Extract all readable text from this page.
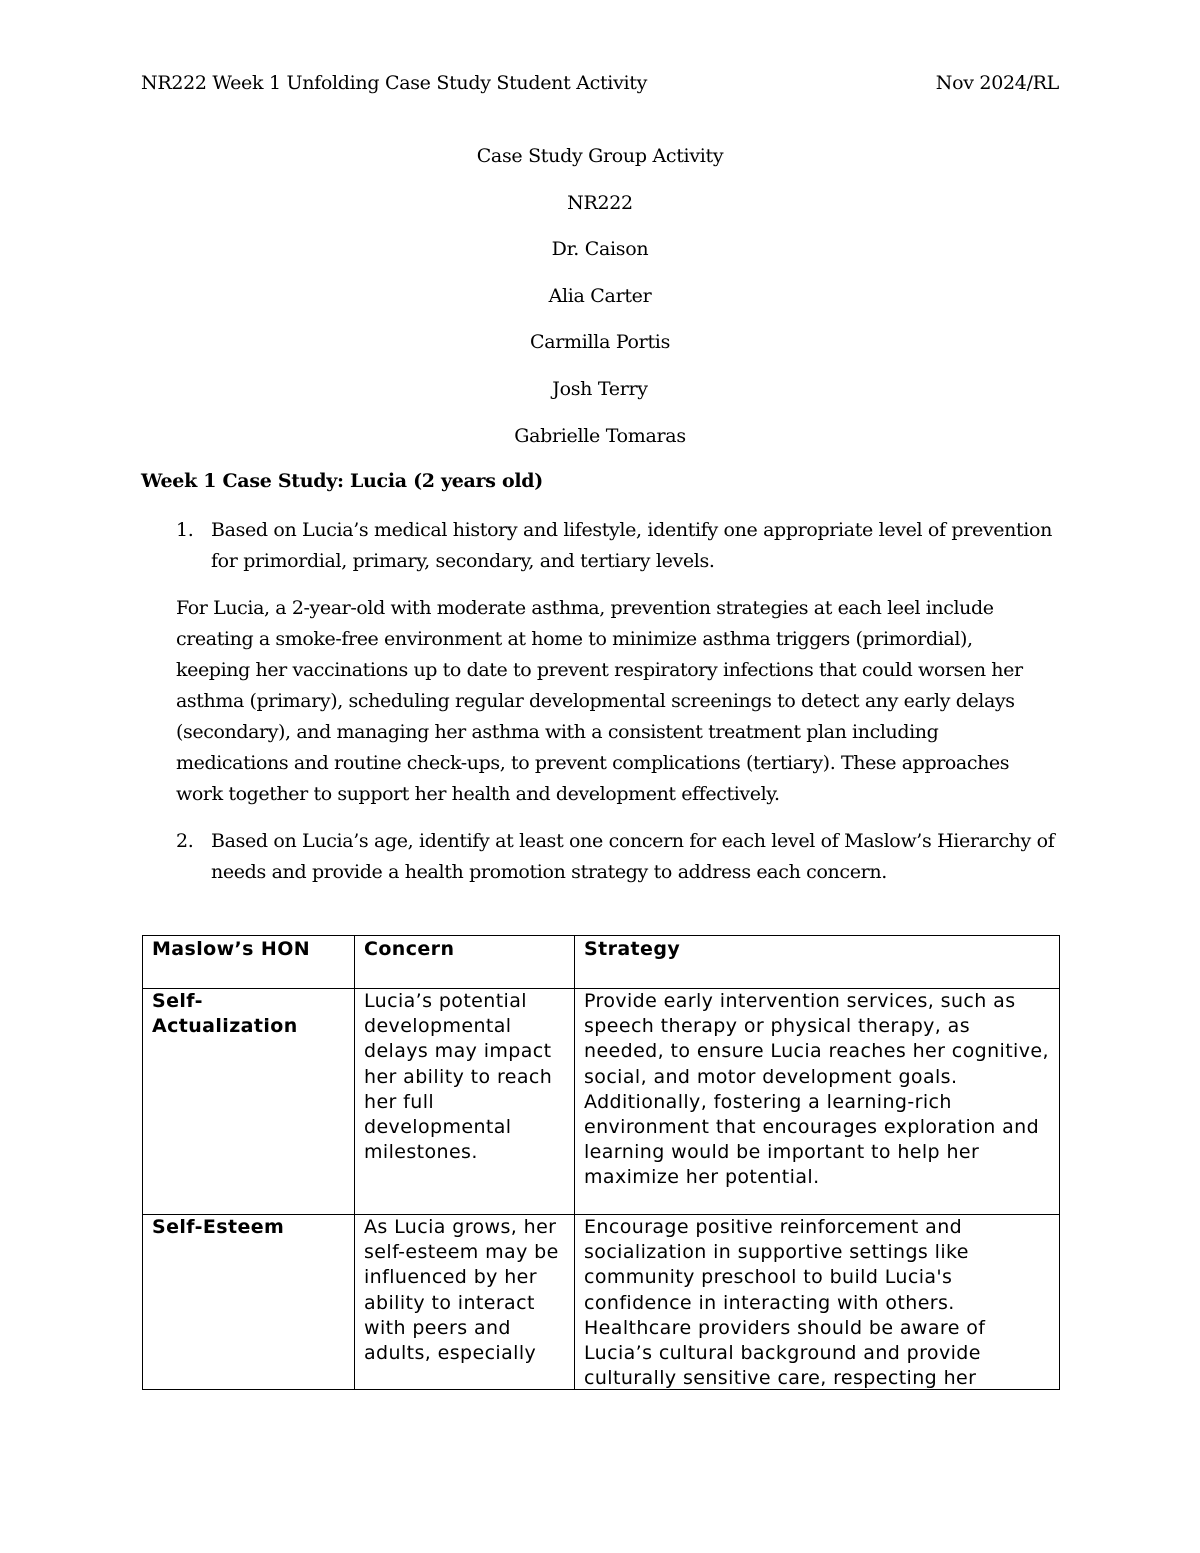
NR222 Week 1 Unfolding Case Study Student Activity	Nov 2024/RL
Case Study Group Activity
NR222
Dr. Caison
Alia Carter
Carmilla Portis
Josh Terry
Gabrielle Tomaras
Week 1 Case Study: Lucia (2 years old)
1. Based on Lucia’s medical history and lifestyle, identify one appropriate level of prevention for primordial, primary, secondary, and tertiary levels.
For Lucia, a 2-year-old with moderate asthma, prevention strategies at each leel include creating a smoke-free environment at home to minimize asthma triggers (primordial), keeping her vaccinations up to date to prevent respiratory infections that could worsen her asthma (primary), scheduling regular developmental screenings to detect any early delays (secondary), and managing her asthma with a consistent treatment plan including medications and routine check-ups, to prevent complications (tertiary). These approaches work together to support her health and development effectively.
2. Based on Lucia’s age, identify at least one concern for each level of Maslow’s Hierarchy of needs and provide a health promotion strategy to address each concern.
Maslow’s HON	Concern	Strategy
Self-Actualization	Lucia’s potential developmental delays may impact her ability to reach her full developmental milestones.	Provide early intervention services, such as speech therapy or physical therapy, as needed, to ensure Lucia reaches her cognitive, social, and motor development goals. Additionally, fostering a learning-rich environment that encourages exploration and learning would be important to help her maximize her potential.
Self-Esteem	As Lucia grows, her self-esteem may be influenced by her ability to interact with peers and adults, especially	Encourage positive reinforcement and socialization in supportive settings like community preschool to build Lucia's confidence in interacting with others. Healthcare providers should be aware of Lucia’s cultural background and provide culturally sensitive care, respecting her
